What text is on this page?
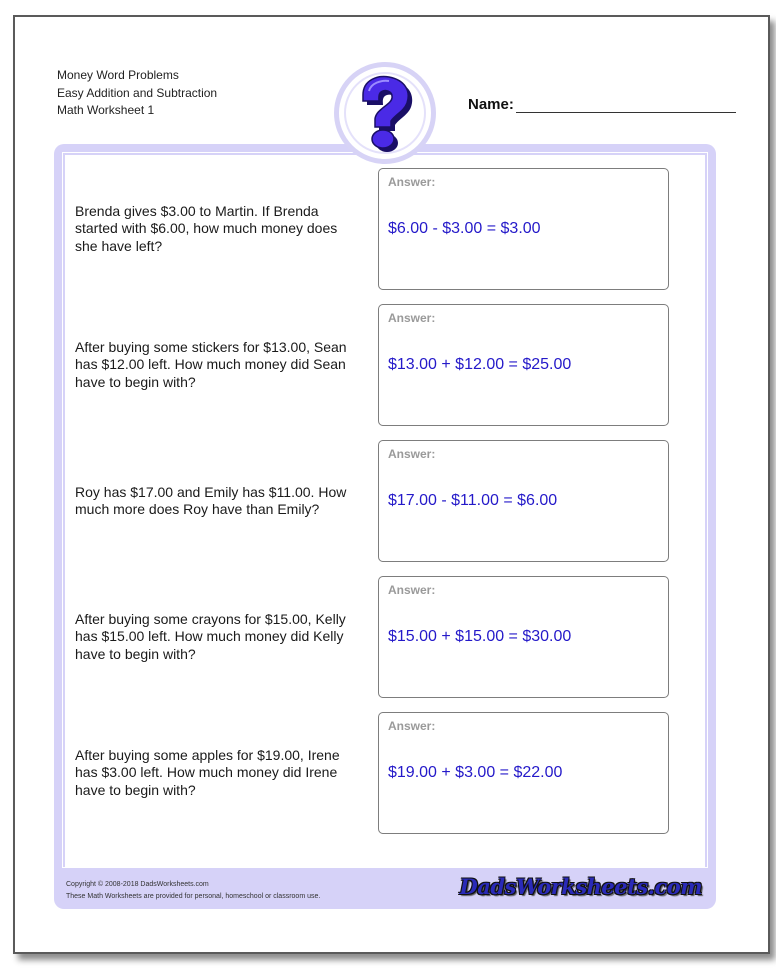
Money Word Problems
Easy Addition and Subtraction
Math Worksheet 1	Name:
Brenda gives $3.00 to Martin. If Brenda started with $6.00, how much money does she have left?
Answer:
$6.00 - $3.00 = $3.00
After buying some stickers for $13.00, Sean has $12.00 left. How much money did Sean have to begin with?
Answer:
$13.00 + $12.00 = $25.00
Roy has $17.00 and Emily has $11.00. How much more does Roy have than Emily?
Answer:
$17.00 - $11.00 = $6.00
After buying some crayons for $15.00, Kelly has $15.00 left. How much money did Kelly have to begin with?
Answer:
$15.00 + $15.00 = $30.00
After buying some apples for $19.00, Irene has $3.00 left. How much money did Irene have to begin with?
Answer:
$19.00 + $3.00 = $22.00
Copyright © 2008-2018 DadsWorksheets.com
These Math Worksheets are provided for personal, homeschool or classroom use.	DadsWorksheets.com
